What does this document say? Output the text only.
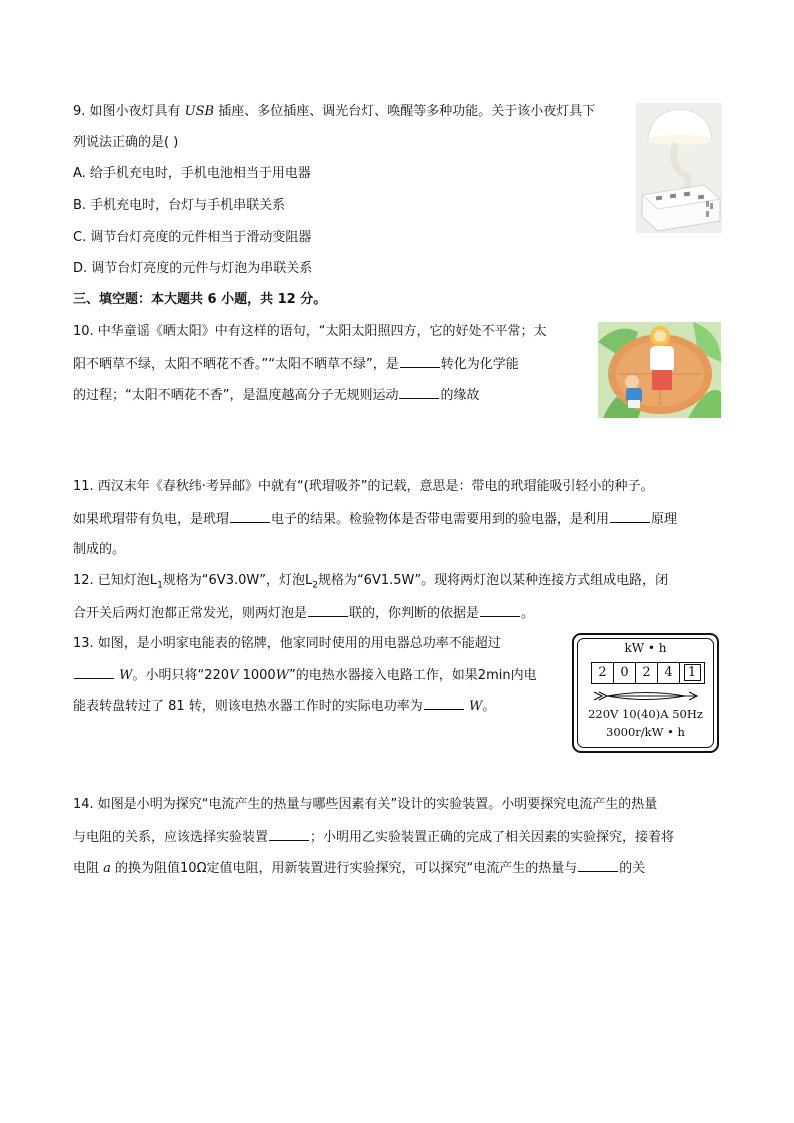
9. 如图小夜灯具有 USB 插座、多位插座、调光台灯、唤醒等多种功能。关于该小夜灯具下
列说法正确的是( )
A. 给手机充电时，手机电池相当于用电器
B. 手机充电时，台灯与手机串联关系
C. 调节台灯亮度的元件相当于滑动变阻器
D. 调节台灯亮度的元件与灯泡为串联关系
三、填空题：本大题共 6 小题，共 12 分。
10. 中华童谣《晒太阳》中有这样的语句，“太阳太阳照四方，它的好处不平常；太
阳不晒草不绿，太阳不晒花不香。”“太阳不晒草不绿”，是	转化为化学能
的过程；“太阳不晒花不香”，是温度越高分子无规则运动	的缘故
11. 西汉末年《春秋纬·考异邮》中就有“(玳瑁吸芥”的记载，意思是：带电的玳瑁能吸引轻小的种子。
如果玳瑁带有负电，是玳瑁	电子的结果。检验物体是否带电需要用到的验电器，是利用	原理
制成的。
12. 已知灯泡$L_1$规格为“6V3.0W”，灯泡$L_2$规格为“6V1.5W”。现将两灯泡以某种连接方式组成电路，闭
合开关后两灯泡都正常发光，则两灯泡是	联的，你判断的依据是	。
13. 如图，是小明家电能表的铭牌，他家同时使用的用电器总功率不能超过
W。小明只将“220V 1000W”的电热水器接入电路工作，如果2min内电
能表转盘转过了 81 转，则该电热水器工作时的实际电功率为	W。
kW • h
2	0	2	4	1
220V 10(40)A 50Hz
3000r/kW • h
14. 如图是小明为探究“电流产生的热量与哪些因素有关”设计的实验装置。小明要探究电流产生的热量
与电阻的关系，应该选择实验装置	；小明用乙实验装置正确的完成了相关因素的实验探究，接着将
电阻 a 的换为阻值10Ω定值电阻，用新装置进行实验探究，可以探究“电流产生的热量与	的关
